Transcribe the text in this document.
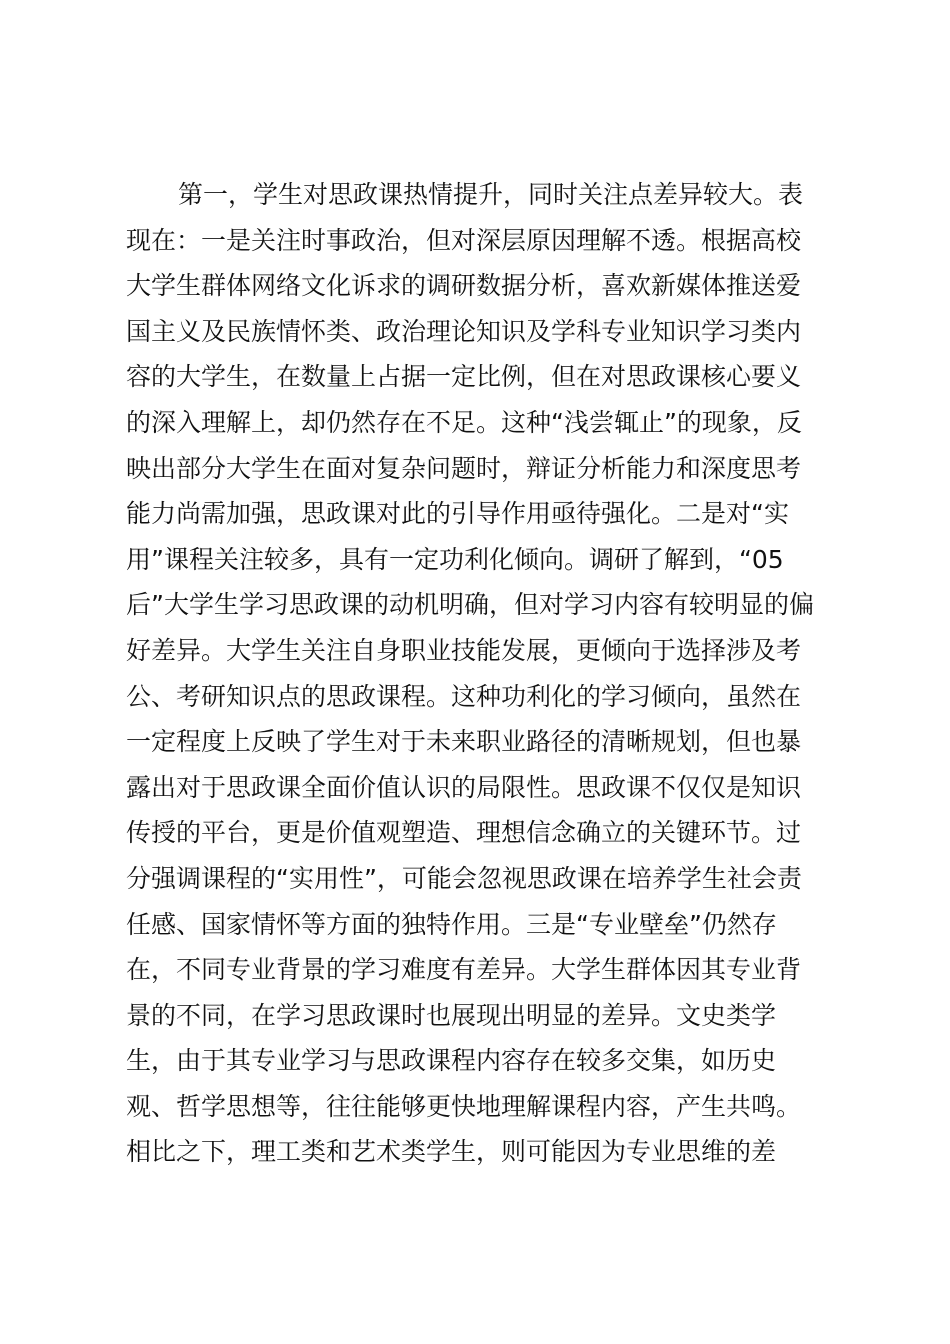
第一，学生对思政课热情提升，同时关注点差异较大。表
现在：一是关注时事政治，但对深层原因理解不透。根据高校
大学生群体网络文化诉求的调研数据分析，喜欢新媒体推送爱
国主义及民族情怀类、政治理论知识及学科专业知识学习类内
容的大学生，在数量上占据一定比例，但在对思政课核心要义
的深入理解上，却仍然存在不足。这种“浅尝辄止”的现象，反
映出部分大学生在面对复杂问题时，辩证分析能力和深度思考
能力尚需加强，思政课对此的引导作用亟待强化。二是对“实
用”课程关注较多，具有一定功利化倾向。调研了解到，“05
后”大学生学习思政课的动机明确，但对学习内容有较明显的偏
好差异。大学生关注自身职业技能发展，更倾向于选择涉及考
公、考研知识点的思政课程。这种功利化的学习倾向，虽然在
一定程度上反映了学生对于未来职业路径的清晰规划，但也暴
露出对于思政课全面价值认识的局限性。思政课不仅仅是知识
传授的平台，更是价值观塑造、理想信念确立的关键环节。过
分强调课程的“实用性”，可能会忽视思政课在培养学生社会责
任感、国家情怀等方面的独特作用。三是“专业壁垒”仍然存
在，不同专业背景的学习难度有差异。大学生群体因其专业背
景的不同，在学习思政课时也展现出明显的差异。文史类学
生，由于其专业学习与思政课程内容存在较多交集，如历史
观、哲学思想等，往往能够更快地理解课程内容，产生共鸣。
相比之下，理工类和艺术类学生，则可能因为专业思维的差
